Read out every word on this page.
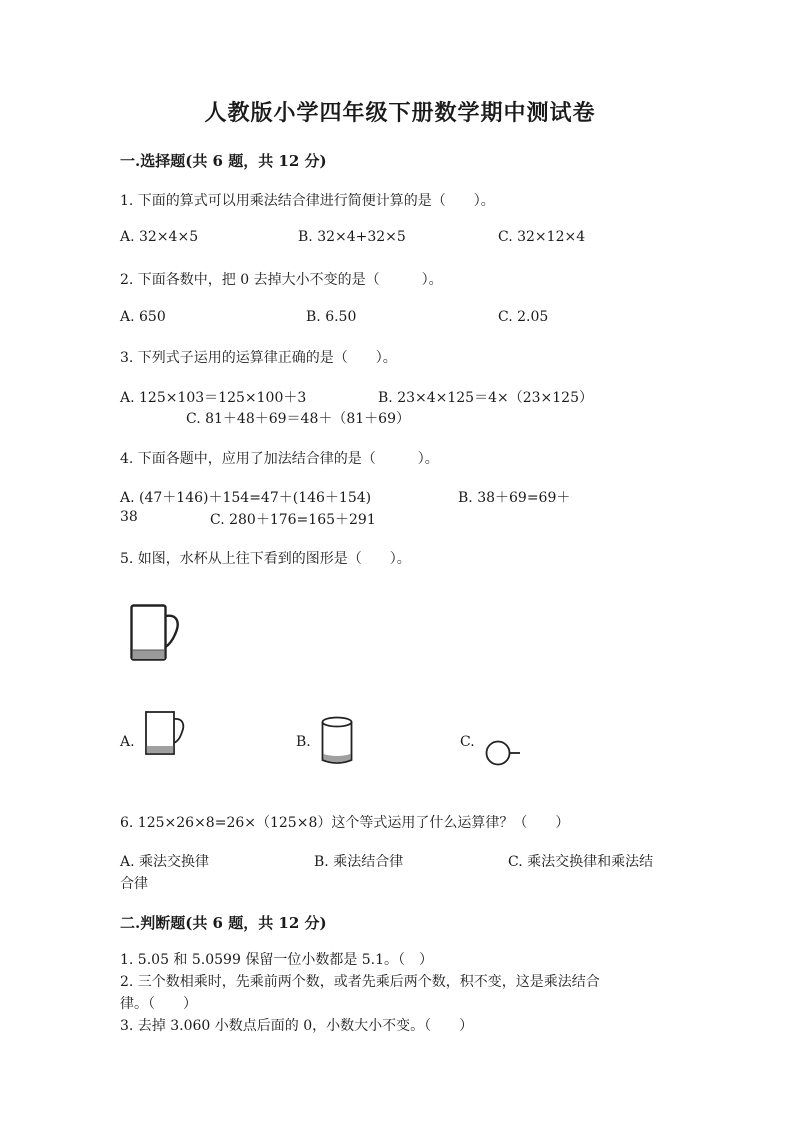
人教版小学四年级下册数学期中测试卷
一.选择题(共 6 题，共 12 分)
1. 下面的算式可以用乘法结合律进行简便计算的是（　　）。
A. 32×4×5	B. 32×4+32×5	C. 32×12×4
2. 下面各数中，把 0 去掉大小不变的是（　　　）。
A. 650	B. 6.50	C. 2.05
3. 下列式子运用的运算律正确的是（　　）。
A. 125×103＝125×100＋3	B. 23×4×125＝4×（23×125）
C. 81＋48＋69＝48＋（81＋69）
4. 下面各题中，应用了加法结合律的是（　　　）。
A. (47＋146)＋154=47＋(146＋154)	B. 38＋69=69＋
38	C. 280＋176=165＋291
5. 如图，水杯从上往下看到的图形是（　　）。
A.	B.	C.
6. 125×26×8=26×（125×8）这个等式运用了什么运算律？（　　）
A. 乘法交换律	B. 乘法结合律	C. 乘法交换律和乘法结
合律
二.判断题(共 6 题，共 12 分)
1. 5.05 和 5.0599 保留一位小数都是 5.1。（　）
2. 三个数相乘时，先乘前两个数，或者先乘后两个数，积不变，这是乘法结合
律。（　　）
3. 去掉 3.060 小数点后面的 0，小数大小不变。（　　）
